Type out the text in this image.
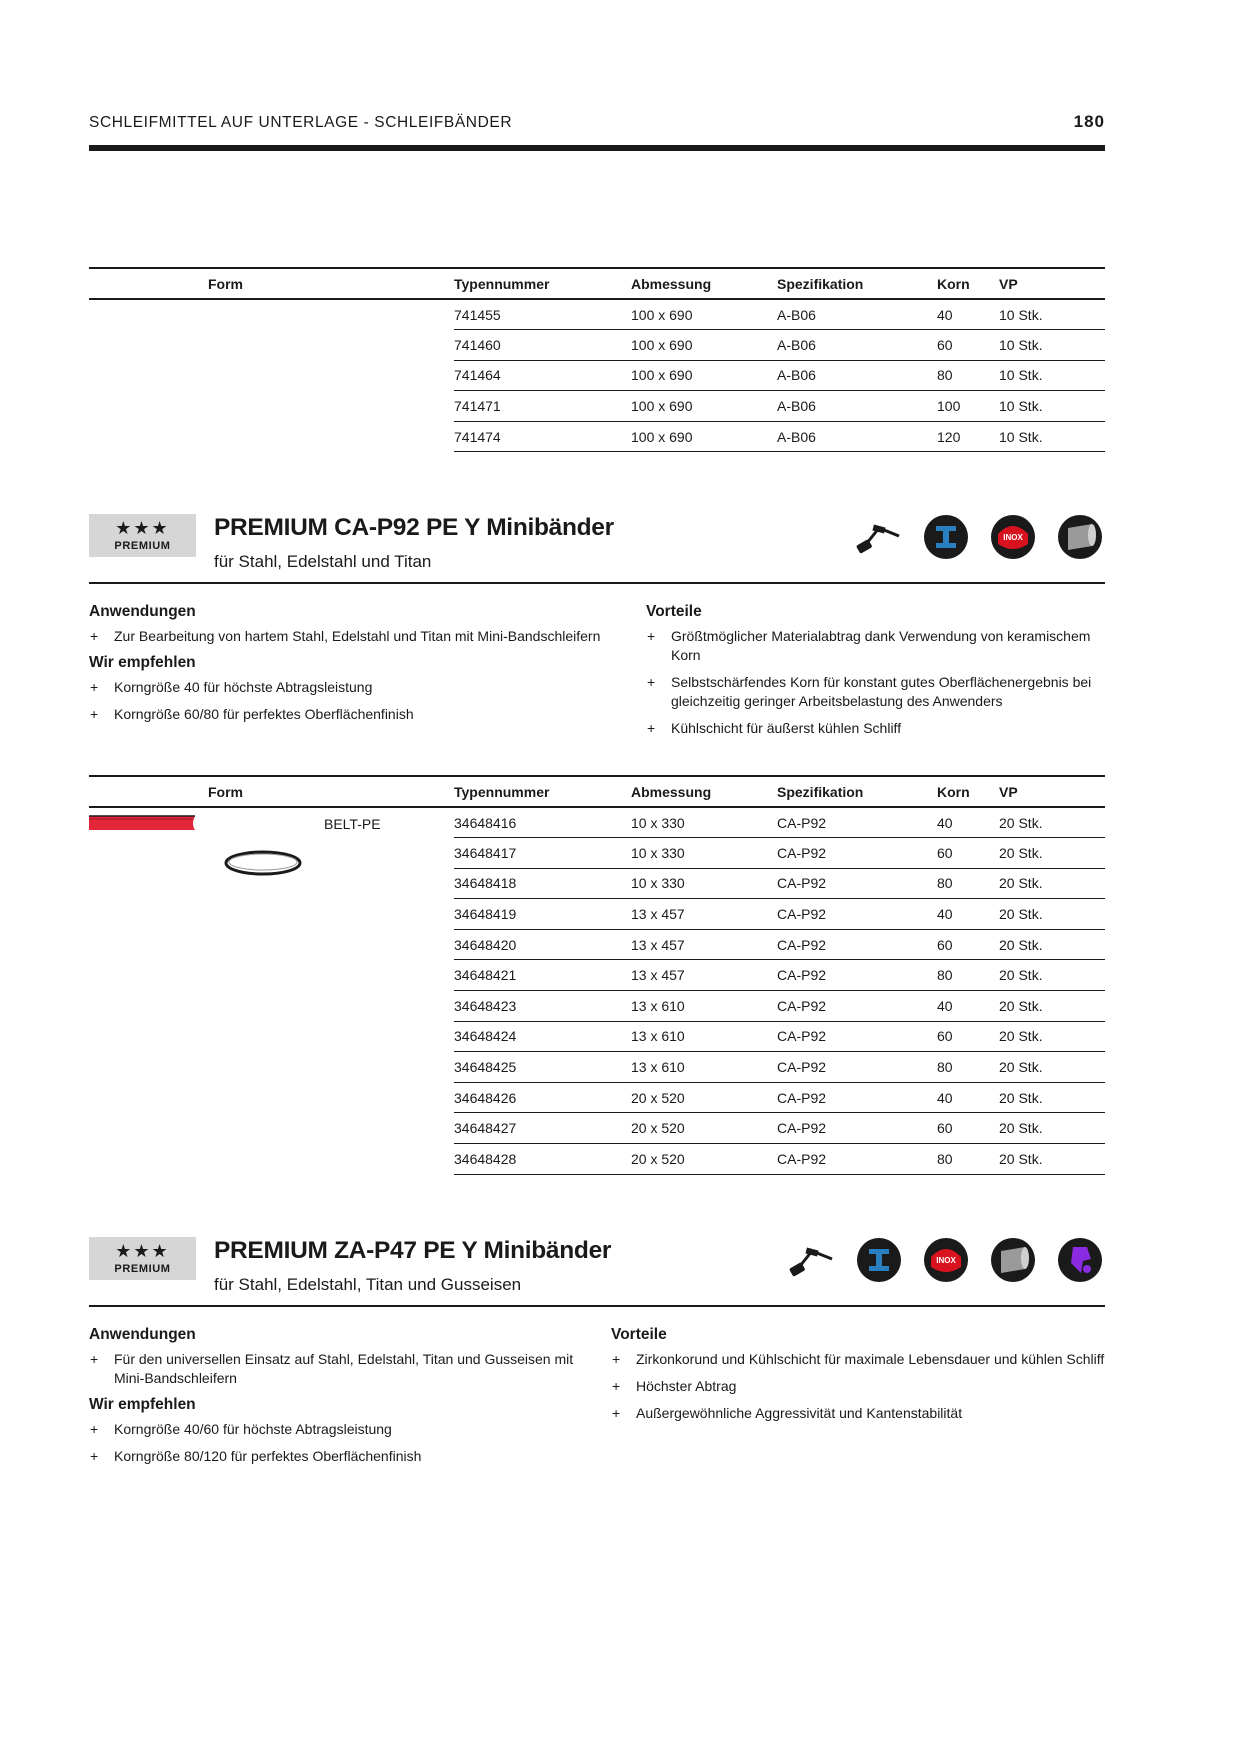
SCHLEIFMITTEL AUF UNTERLAGE - SCHLEIFBÄNDER	180
Form	Typennummer	Abmessung	Spezifikation	Korn	VP
	741455	100 x 690	A-B06	40	10 Stk.
	741460	100 x 690	A-B06	60	10 Stk.
	741464	100 x 690	A-B06	80	10 Stk.
	741471	100 x 690	A-B06	100	10 Stk.
	741474	100 x 690	A-B06	120	10 Stk.
★★★
PREMIUM
PREMIUM CA-P92 PE Y Minibänder
für Stahl, Edelstahl und Titan
INOX
Anwendungen
+ Zur Bearbeitung von hartem Stahl, Edelstahl und Titan mit Mini-Bandschleifern
Wir empfehlen
+ Korngröße 40 für höchste Abtragsleistung
+ Korngröße 60/80 für perfektes Oberflächenfinish
Vorteile
+ Größtmöglicher Materialabtrag dank Verwendung von keramischem Korn
+ Selbstschärfendes Korn für konstant gutes Oberflächenergebnis bei gleichzeitig geringer Arbeitsbelastung des Anwenders
+ Kühlschicht für äußerst kühlen Schliff
Form	Typennummer	Abmessung	Spezifikation	Korn	VP

BELT-PE	34648416	10 x 330	CA-P92	40	20 Stk.
	34648417	10 x 330	CA-P92	60	20 Stk.
	34648418	10 x 330	CA-P92	80	20 Stk.
	34648419	13 x 457	CA-P92	40	20 Stk.
	34648420	13 x 457	CA-P92	60	20 Stk.
	34648421	13 x 457	CA-P92	80	20 Stk.
	34648423	13 x 610	CA-P92	40	20 Stk.
	34648424	13 x 610	CA-P92	60	20 Stk.
	34648425	13 x 610	CA-P92	80	20 Stk.
	34648426	20 x 520	CA-P92	40	20 Stk.
	34648427	20 x 520	CA-P92	60	20 Stk.
	34648428	20 x 520	CA-P92	80	20 Stk.
★★★
PREMIUM
PREMIUM ZA-P47 PE Y Minibänder
für Stahl, Edelstahl, Titan und Gusseisen
INOX
Anwendungen
+ Für den universellen Einsatz auf Stahl, Edelstahl, Titan und Gusseisen mit Mini-Bandschleifern
Wir empfehlen
+ Korngröße 40/60 für höchste Abtragsleistung
+ Korngröße 80/120 für perfektes Oberflächenfinish
Vorteile
+ Zirkonkorund und Kühlschicht für maximale Lebensdauer und kühlen Schliff
+ Höchster Abtrag
+ Außergewöhnliche Aggressivität und Kantenstabilität
